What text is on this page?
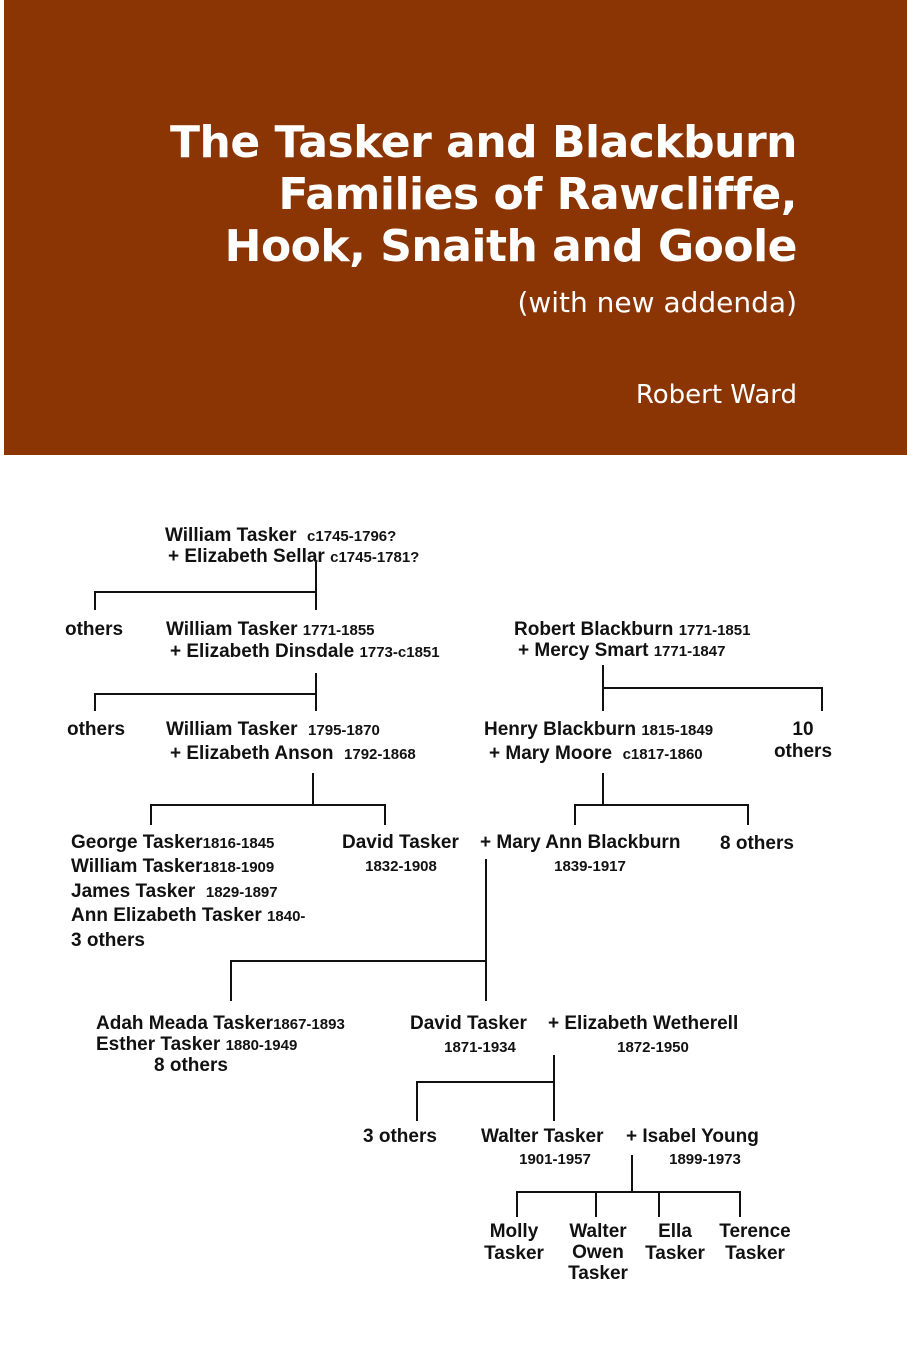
The Tasker and Blackburn
Families of Rawcliffe,
Hook, Snaith and Goole
(with new addenda)
Robert Ward
William Tasker c1745-1796?
+ Elizabeth Sellar c1745-1781?
others William Tasker 1771-1855
+ Elizabeth Dinsdale 1773-c1851
Robert Blackburn 1771-1851
+ Mercy Smart 1771-1847
others William Tasker 1795-1870
+ Elizabeth Anson 1792-1868
Henry Blackburn 1815-1849
+ Mary Moore c1817-1860
10
others
George Tasker1816-1845
William Tasker1818-1909
James Tasker 1829-1897
Ann Elizabeth Tasker 1840-
3 others
David Tasker
1832-1908
+ Mary Ann Blackburn
1839-1917
8 others
Adah Meada Tasker1867-1893
Esther Tasker 1880-1949
8 others
David Tasker
1871-1934
+ Elizabeth Wetherell
1872-1950
3 others Walter Tasker
1901-1957
+ Isabel Young
1899-1973
Molly
Tasker
Walter
Owen
Tasker
Ella
Tasker
Terence
Tasker
